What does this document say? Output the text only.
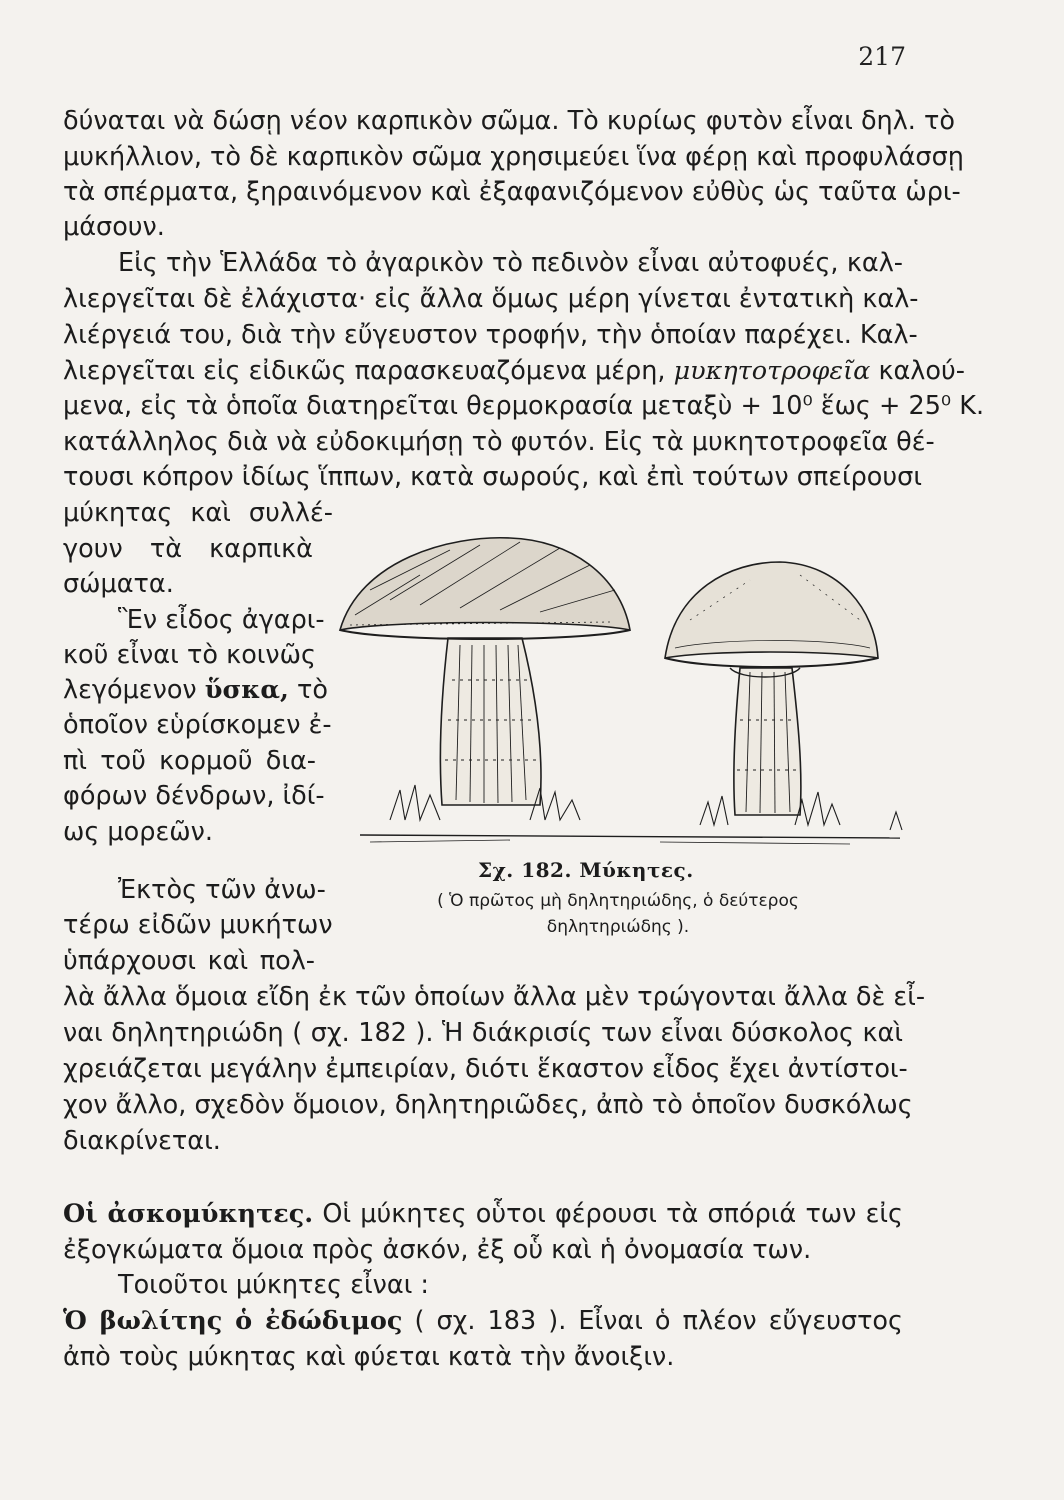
217
δύναται νὰ δώσῃ νέον καρπικὸν σῶμα. Τὸ κυρίως φυτὸν εἶναι δηλ. τὸ
μυκήλλιον, τὸ δὲ καρπικὸν σῶμα χρησιμεύει ἵνα φέρῃ καὶ προφυλάσσῃ
τὰ σπέρματα, ξηραινόμενον καὶ ἐξαφανιζόμενον εὐθὺς ὡς ταῦτα ὡρι-
μάσουν.
Εἰς τὴν Ἑλλάδα τὸ ἀγαρικὸν τὸ πεδινὸν εἶναι αὐτοφυές, καλ-
λιεργεῖται δὲ ἐλάχιστα· εἰς ἄλλα ὅμως μέρη γίνεται ἐντατικὴ καλ-
λιέργειά του, διὰ τὴν εὔγευστον τροφήν, τὴν ὁποίαν παρέχει. Καλ-
λιεργεῖται εἰς εἰδικῶς παρασκευαζόμενα μέρη, μυκητοτροφεῖα καλού-
μενα, εἰς τὰ ὁποῖα διατηρεῖται θερμοκρασία μεταξὺ + 10⁰ ἕως + 25⁰ K.
κατάλληλος διὰ νὰ εὐδοκιμήσῃ τὸ φυτόν. Εἰς τὰ μυκητοτροφεῖα θέ-
τουσι κόπρον ἰδίως ἵππων, κατὰ σωρούς, καὶ ἐπὶ τούτων σπείρουσι
μύκητας καὶ συλλέ-
γουν τὰ καρπικὰ
σώματα.
Ἓν εἶδος ἀγαρι-
κοῦ εἶναι τὸ κοινῶς
λεγόμενον ὕσκα, τὸ
ὁποῖον εὑρίσκομεν ἐ-
πὶ τοῦ κορμοῦ δια-
φόρων δένδρων, ἰδί-
ως μορεῶν.
Ἐκτὸς τῶν ἀνω-
τέρω εἰδῶν μυκήτων
ὑπάρχουσι καὶ πολ-
Σχ. 182. Μύκητες.
( Ὁ πρῶτος μὴ δηλητηριώδης, ὁ δεύτερος
δηλητηριώδης ).
λὰ ἄλλα ὅμοια εἴδη ἐκ τῶν ὁποίων ἄλλα μὲν τρώγονται ἄλλα δὲ εἶ-
ναι δηλητηριώδη ( σχ. 182 ). Ἡ διάκρισίς των εἶναι δύσκολος καὶ
χρειάζεται μεγάλην ἐμπειρίαν, διότι ἕκαστον εἶδος ἔχει ἀντίστοι-
χον ἄλλο, σχεδὸν ὅμοιον, δηλητηριῶδες, ἀπὸ τὸ ὁποῖον δυσκόλως
διακρίνεται.
Οἱ ἀσκομύκητες. Οἱ μύκητες οὗτοι φέρουσι τὰ σπόριά των εἰς
ἐξογκώματα ὅμοια πρὸς ἀσκόν, ἐξ οὗ καὶ ἡ ὀνομασία των.
Τοιοῦτοι μύκητες εἶναι :
Ὁ βωλίτης ὁ ἐδώδιμος ( σχ. 183 ). Εἶναι ὁ πλέον εὔγευστος
ἀπὸ τοὺς μύκητας καὶ φύεται κατὰ τὴν ἄνοιξιν.
